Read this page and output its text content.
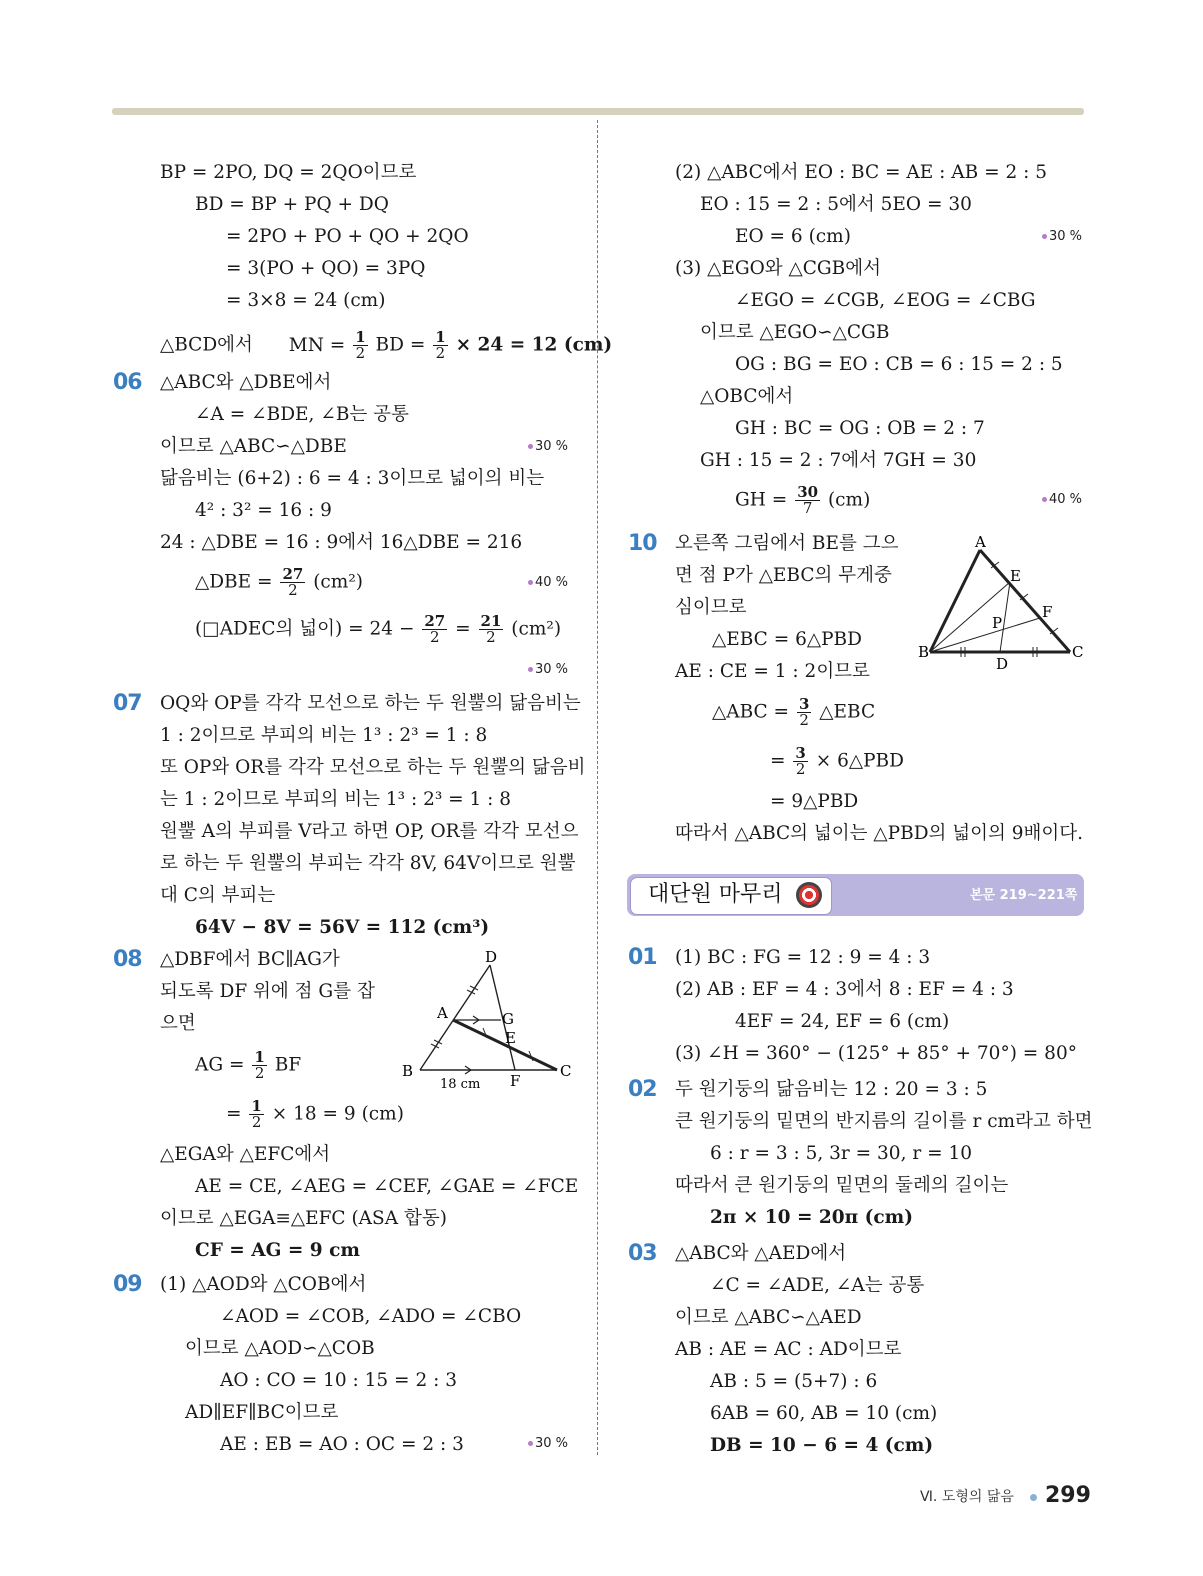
BP = 2PO, DQ = 2QO이므로
BD = BP + PQ + DQ
= 2PO + PO + QO + 2QO
= 3(PO + QO) = 3PQ
= 3×8 = 24 (cm)
△BCD에서 MN = $\frac{1}{2}$ BD = $\frac{1}{2} \times 24 = 12$ (cm)
06 △ABC와 △DBE에서
∠A = ∠BDE, ∠B는 공통
이므로 △ABC∽△DBE	30 %
닮음비는 (6+2) : 6 = 4 : 3이므로 넓이의 비는
4² : 3² = 16 : 9
24 : △DBE = 16 : 9에서 16△DBE = 216
△DBE = $\frac{27}{2} (cm^2)$	40 %
(□ADEC의 넓이) = $24 - \frac{27}{2} = \frac{21}{2} (cm^2)$
30 %
07 OQ와 OP를 각각 모선으로 하는 두 원뿔의 닮음비는
1 : 2이므로 부피의 비는 1³ : 2³ = 1 : 8
또 OP와 OR를 각각 모선으로 하는 두 원뿔의 닮음비
는 1 : 2이므로 부피의 비는 1³ : 2³ = 1 : 8
원뿔 A의 부피를 V라고 하면 OP, OR를 각각 모선으
로 하는 두 원뿔의 부피는 각각 8V, 64V이므로 원뿔
대 C의 부피는
64V − 8V = 56V = 112 (cm³)
08 △DBF에서 BC∥AG가
되도록 DF 위에 점 G를 잡
으면
AG = $\frac{1}{2}$ BF
= $\frac{1}{2} \times 18 = 9$ (cm)
D
A	G
E
B
F
C
18 cm
△EGA와 △EFC에서
AE = CE, ∠AEG = ∠CEF, ∠GAE = ∠FCE
이므로 △EGA≡△EFC (ASA 합동)
CF = AG = 9 cm
09 (1) △AOD와 △COB에서
∠AOD = ∠COB, ∠ADO = ∠CBO
이므로 △AOD∽△COB
AO : CO = 10 : 15 = 2 : 3
AD∥EF∥BC이므로
AE : EB = AO : OC = 2 : 3	30 %
(2) △ABC에서 EO : BC = AE : AB = 2 : 5
EO : 15 = 2 : 5에서 5EO = 30
EO = 6 (cm)	30 %
(3) △EGO와 △CGB에서
∠EGO = ∠CGB, ∠EOG = ∠CBG
이므로 △EGO∽△CGB
OG : BG = EO : CB = 6 : 15 = 2 : 5
△OBC에서
GH : BC = OG : OB = 2 : 7
GH : 15 = 2 : 7에서 7GH = 30
GH = $\frac{30}{7} (cm)$	40 %
10 오른쪽 그림에서 BE를 그으
면 점 P가 △EBC의 무게중
심이므로
△EBC = 6△PBD
AE : CE = 1 : 2이므로
A
E
F
P
B
D
C
△ABC = $\frac{3}{2}$ △EBC
= $\frac{3}{2}$ × 6△PBD
= 9△PBD
따라서 △ABC의 넓이는 △PBD의 넓이의 9배이다.
대단원 마무리	본문 219~221쪽
01 (1) BC : FG = 12 : 9 = 4 : 3
(2) AB : EF = 4 : 3에서 8 : EF = 4 : 3
4EF = 24, EF = 6 (cm)
(3) ∠H = 360° − (125° + 85° + 70°) = 80°
02 두 원기둥의 닮음비는 12 : 20 = 3 : 5
큰 원기둥의 밑면의 반지름의 길이를 r cm라고 하면
6 : r = 3 : 5, 3r = 30, r = 10
따라서 큰 원기둥의 밑면의 둘레의 길이는
2π × 10 = 20π (cm)
03 △ABC와 △AED에서
∠C = ∠ADE, ∠A는 공통
이므로 △ABC∽△AED
AB : AE = AC : AD이므로
AB : 5 = (5+7) : 6
6AB = 60, AB = 10 (cm)
DB = 10 − 6 = 4 (cm)
Ⅵ. 도형의 닮음 299
